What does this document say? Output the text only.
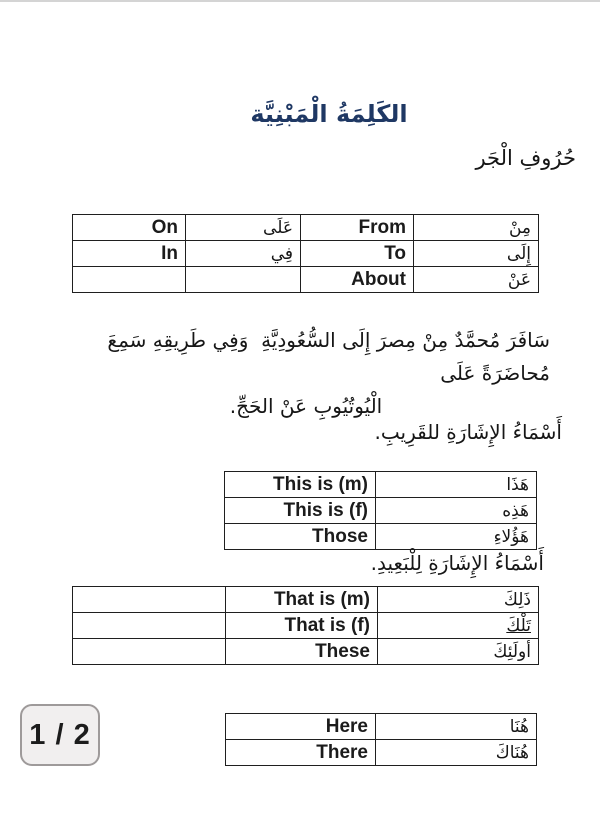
الكَلِمَةُ الْمَبْنِيَّة
حُرُوفِ الْجَر
On	عَلَى	From	مِنْ
In	فِي	To	إِلَى
		About	عَنْ
سَافَرَ مُحمَّدٌ مِنْ مِصرَ إِلَى السُّعُودِيَّةِ  وَفِي طَرِيقِهِ سَمِعَ مُحاضَرَةً عَلَى
الْيُوتُيُوبِ عَنْ الحَجِّ.
أَسْمَاءُ الإِشَارَةِ للقَرِيبِ.
This is (m)	هَذَا
This is (f)	هَذِه
Those	هَؤُلاءِ
أَسْمَاءُ الإِشَارَةِ لِلْبَعِيدِ.
	That is (m)	ذَلِكَ
	That is (f)	تَلْكَ
	These	أولَئِكَ
Here	هُنَا
There	هُنَاكَ
1 / 2
